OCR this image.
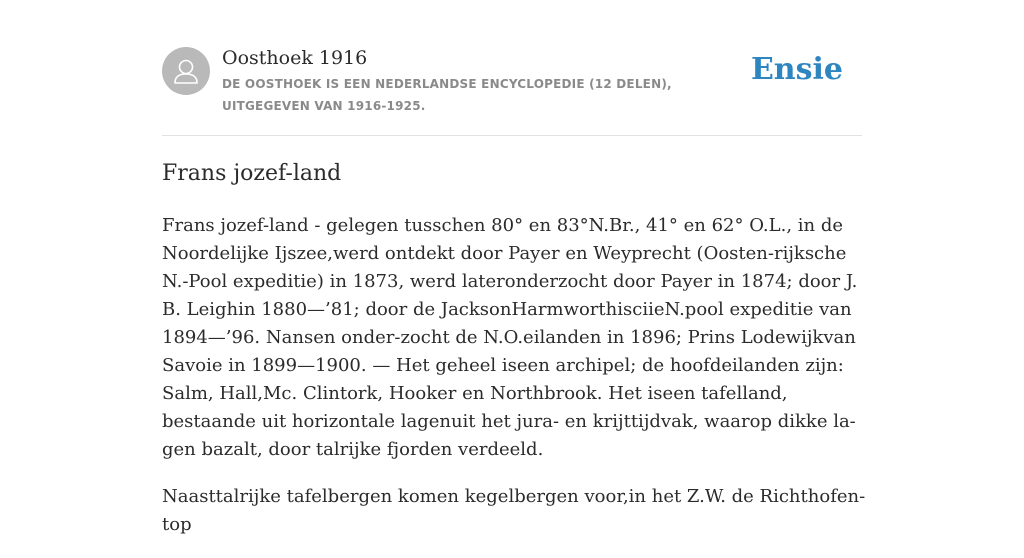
Oosthoek 1916
DE OOSTHOEK IS EEN NEDERLANDSE ENCYCLOPEDIE (12 DELEN), UITGEGEVEN VAN 1916-1925.
Ensie
Frans jozef-land

Frans jozef-land - gelegen tusschen 80° en 83°N.Br., 41° en 62° O.L., in de Noordelijke Ijszee,werd ontdekt door Payer en Weyprecht (Oosten-rijksche N.-Pool expeditie) in 1873, werd lateronderzocht door Payer in 1874; door J. B. Leighin 1880—’81; door de JacksonHarmworthisciieN.pool expeditie van 1894—’96. Nansen onder-zocht de N.O.eilanden in 1896; Prins Lodewijkvan Savoie in 1899—1900. — Het geheel iseen archipel; de hoofdeilanden zijn: Salm, Hall,Mc. Clintork, Hooker en Northbrook. Het iseen tafelland, bestaande uit horizontale lagenuit het jura- en krijttijdvak, waarop dikke la-gen bazalt, door talrijke fjorden verdeeld.

Naasttalrijke tafelbergen komen kegelbergen voor,in het Z.W. de Richthofen-top
